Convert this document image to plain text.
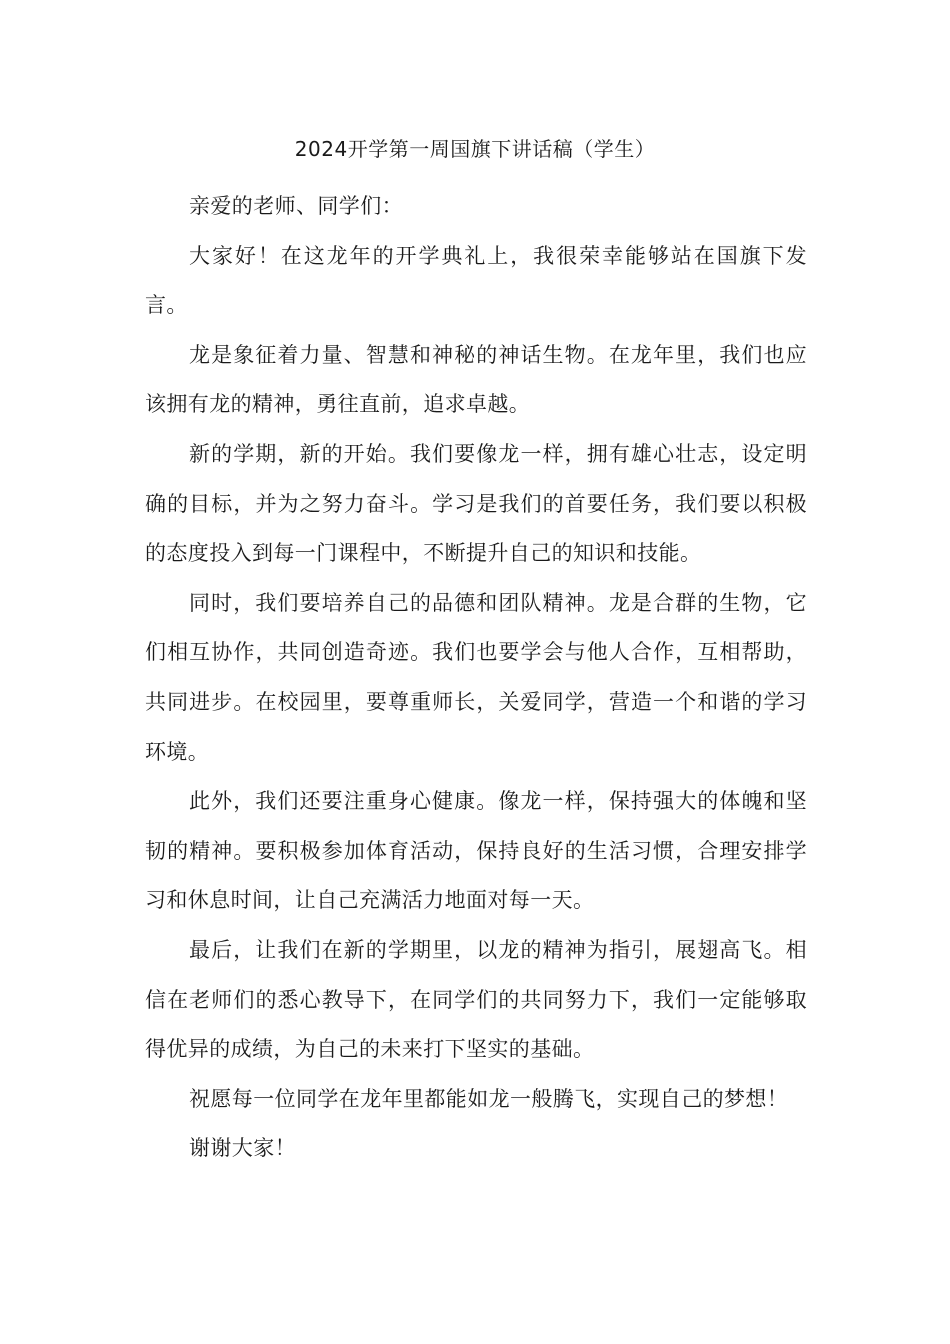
2024开学第一周国旗下讲话稿（学生）

亲爱的老师、同学们：

大家好！在这龙年的开学典礼上，我很荣幸能够站在国旗下发言。

龙是象征着力量、智慧和神秘的神话生物。在龙年里，我们也应该拥有龙的精神，勇往直前，追求卓越。

新的学期，新的开始。我们要像龙一样，拥有雄心壮志，设定明确的目标，并为之努力奋斗。学习是我们的首要任务，我们要以积极的态度投入到每一门课程中，不断提升自己的知识和技能。

同时，我们要培养自己的品德和团队精神。龙是合群的生物，它们相互协作，共同创造奇迹。我们也要学会与他人合作，互相帮助，共同进步。在校园里，要尊重师长，关爱同学，营造一个和谐的学习环境。

此外，我们还要注重身心健康。像龙一样，保持强大的体魄和坚韧的精神。要积极参加体育活动，保持良好的生活习惯，合理安排学习和休息时间，让自己充满活力地面对每一天。

最后，让我们在新的学期里，以龙的精神为指引，展翅高飞。相信在老师们的悉心教导下，在同学们的共同努力下，我们一定能够取得优异的成绩，为自己的未来打下坚实的基础。

祝愿每一位同学在龙年里都能如龙一般腾飞，实现自己的梦想！

谢谢大家！
